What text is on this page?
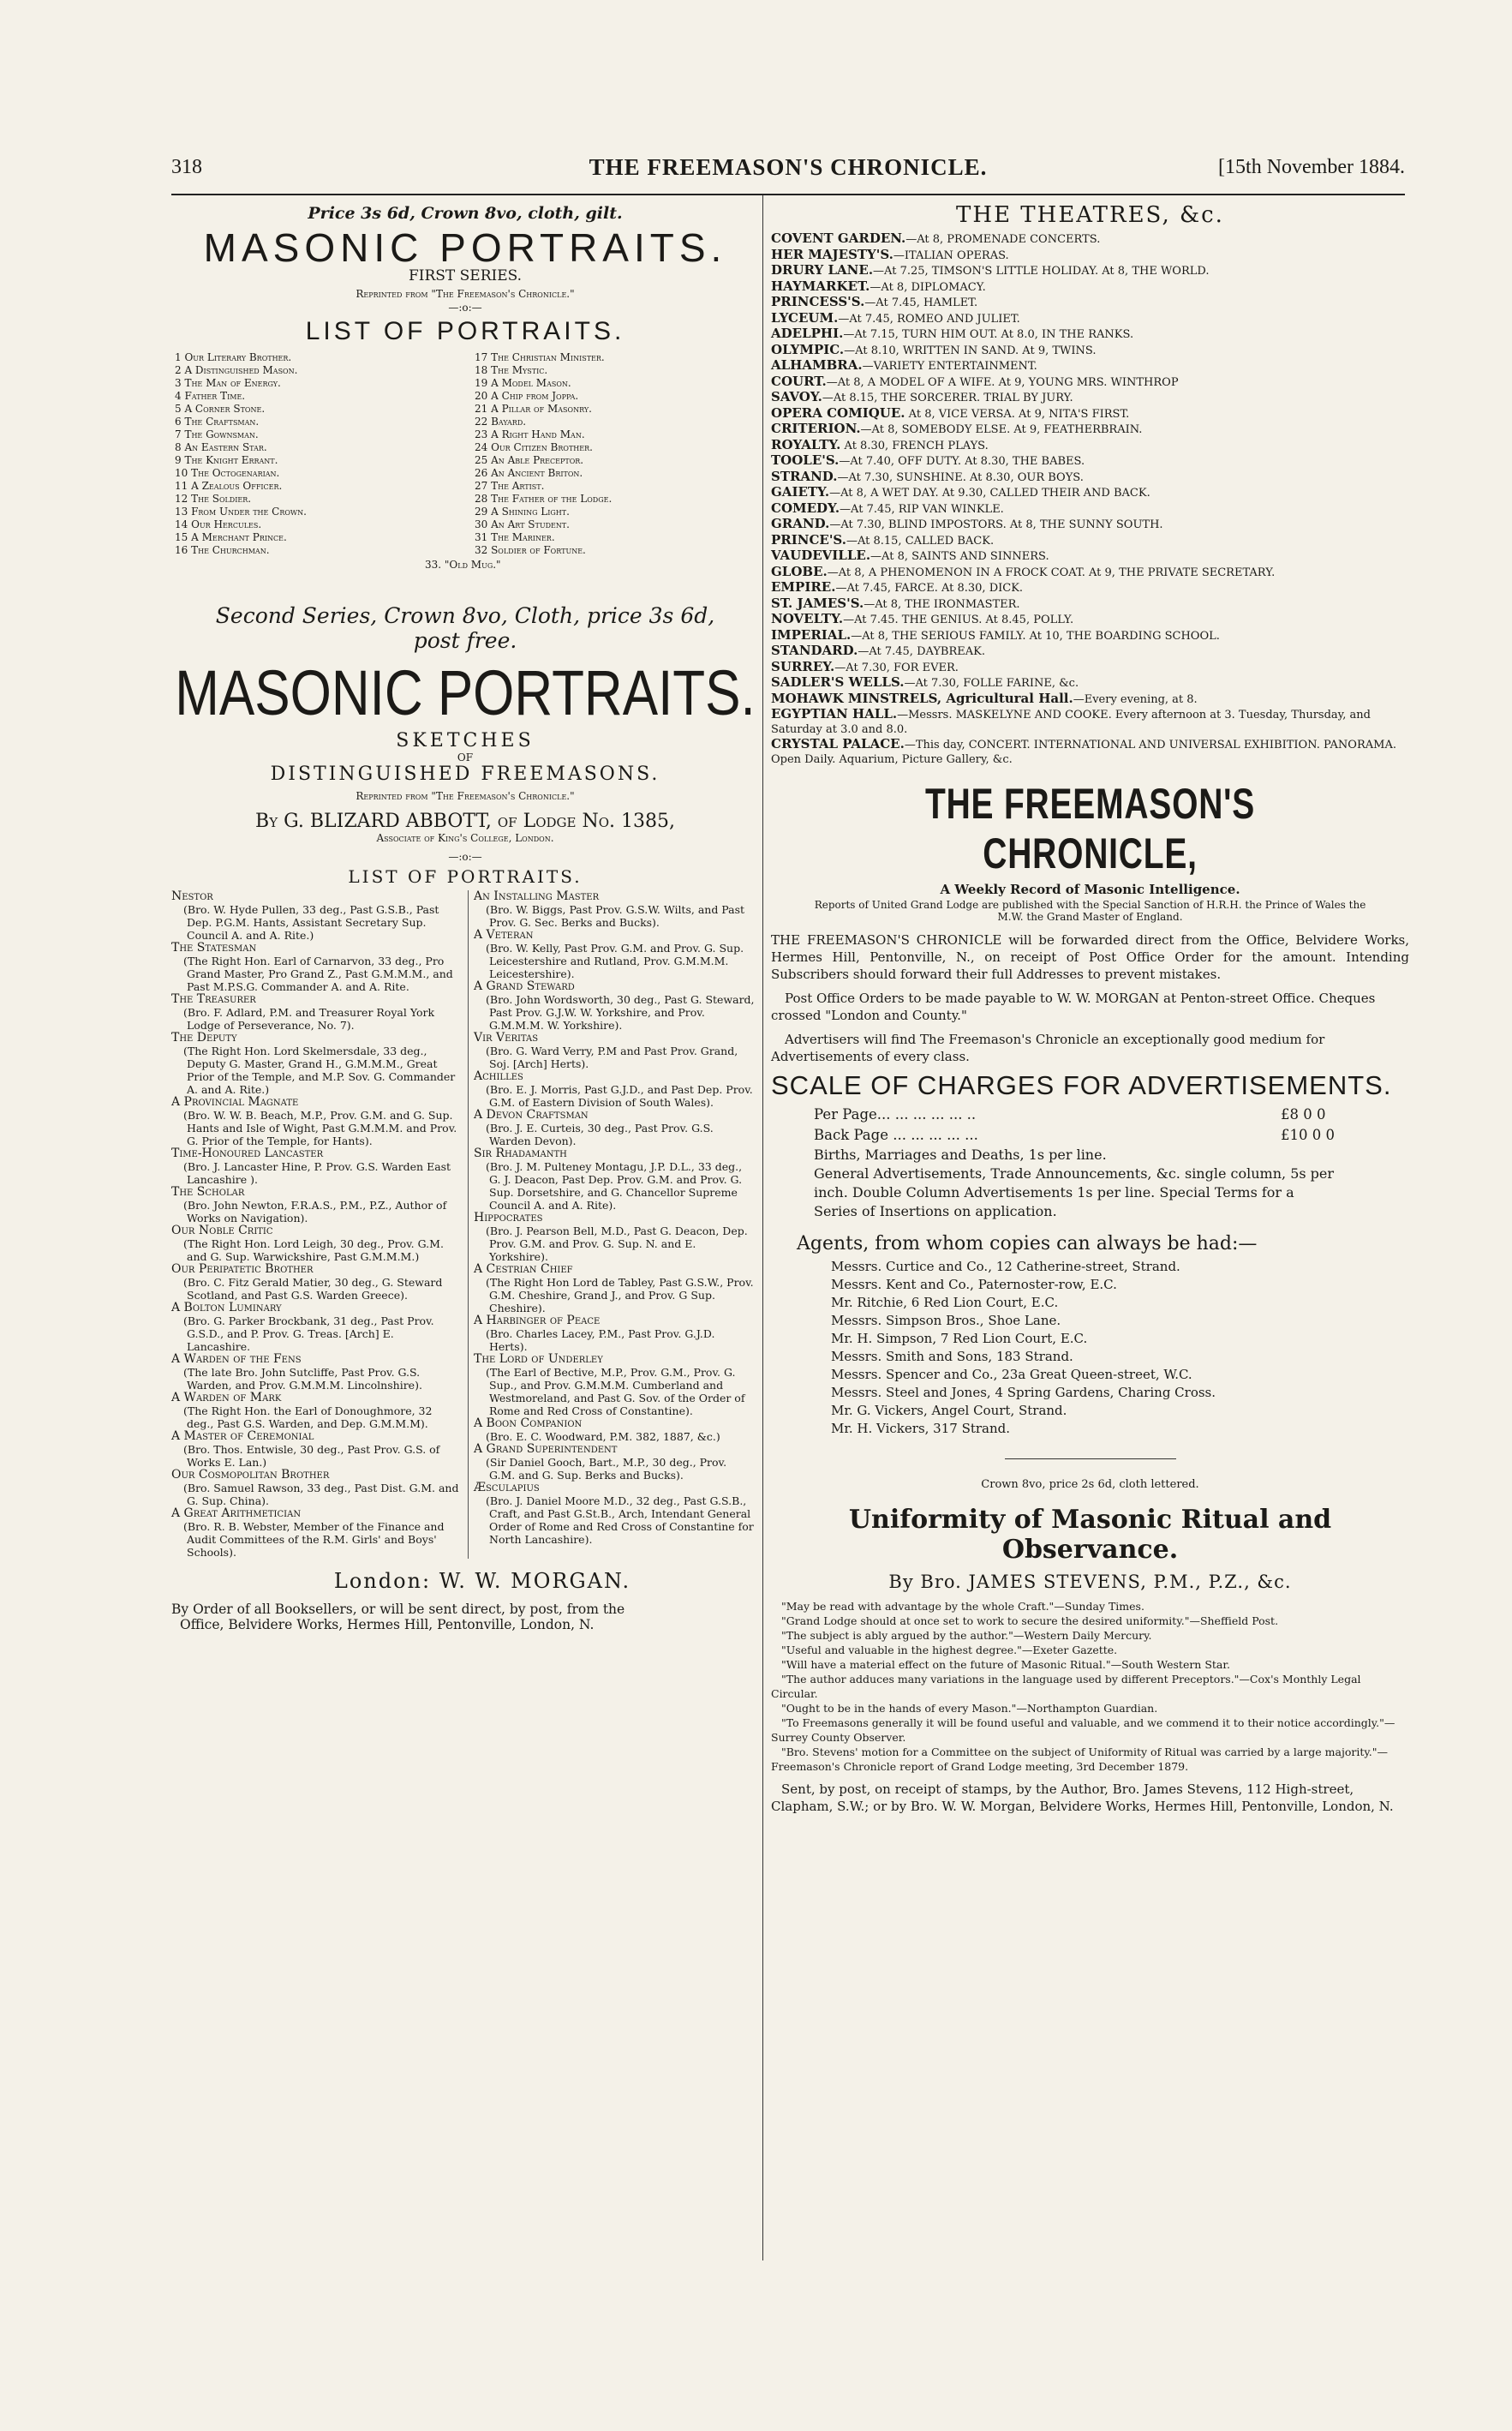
318	THE FREEMASON'S CHRONICLE.	[15th November 1884.
Price 3s 6d, Crown 8vo, cloth, gilt.
MASONIC PORTRAITS.
FIRST SERIES.
Reprinted from "The Freemason's Chronicle."
—:o:—
LIST OF PORTRAITS.
1 Our Literary Brother.
2 A Distinguished Mason.
3 The Man of Energy.
4 Father Time.
5 A Corner Stone.
6 The Craftsman.
7 The Gownsman.
8 An Eastern Star.
9 The Knight Errant.
10 The Octogenarian.
11 A Zealous Officer.
12 The Soldier.
13 From Under the Crown.
14 Our Hercules.
15 A Merchant Prince.
16 The Churchman.
17 The Christian Minister.
18 The Mystic.
19 A Model Mason.
20 A Chip from Joppa.
21 A Pillar of Masonry.
22 Bayard.
23 A Right Hand Man.
24 Our Citizen Brother.
25 An Able Preceptor.
26 An Ancient Briton.
27 The Artist.
28 The Father of the Lodge.
29 A Shining Light.
30 An Art Student.
31 The Mariner.
32 Soldier of Fortune.
33. "Old Mug."
Second Series, Crown 8vo, Cloth, price 3s 6d,
post free.
MASONIC PORTRAITS.
SKETCHES
OF
DISTINGUISHED FREEMASONS.
Reprinted from "The Freemason's Chronicle."
By G. BLIZARD ABBOTT, of Lodge No. 1385,
Associate of King's College, London.
—:o:—
LIST OF PORTRAITS.
Nestor
(Bro. W. Hyde Pullen, 33 deg., Past G.S.B., Past Dep. P.G.M. Hants, Assistant Secretary Sup. Council A. and A. Rite.)
The Statesman
(The Right Hon. Earl of Carnarvon, 33 deg., Pro Grand Master, Pro Grand Z., Past G.M.M.M., and Past M.P.S.G. Commander A. and A. Rite.
The Treasurer
(Bro. F. Adlard, P.M. and Treasurer Royal York Lodge of Perseverance, No. 7).
The Deputy
(The Right Hon. Lord Skelmersdale, 33 deg., Deputy G. Master, Grand H., G.M.M.M., Great Prior of the Temple, and M.P. Sov. G. Commander A. and A. Rite.)
A Provincial Magnate
(Bro. W. W. B. Beach, M.P., Prov. G.M. and G. Sup. Hants and Isle of Wight, Past G.M.M.M. and Prov. G. Prior of the Temple, for Hants).
Time-Honoured Lancaster
(Bro. J. Lancaster Hine, P. Prov. G.S. Warden East Lancashire ).
The Scholar
(Bro. John Newton, F.R.A.S., P.M., P.Z., Author of Works on Navigation).
Our Noble Critic
(The Right Hon. Lord Leigh, 30 deg., Prov. G.M. and G. Sup. Warwickshire, Past G.M.M.M.)
Our Peripatetic Brother
(Bro. C. Fitz Gerald Matier, 30 deg., G. Steward Scotland, and Past G.S. Warden Greece).
A Bolton Luminary
(Bro. G. Parker Brockbank, 31 deg., Past Prov. G.S.D., and P. Prov. G. Treas. [Arch] E. Lancashire.
A Warden of the Fens
(The late Bro. John Sutcliffe, Past Prov. G.S. Warden, and Prov. G.M.M.M. Lincolnshire).
A Warden of Mark
(The Right Hon. the Earl of Donoughmore, 32 deg., Past G.S. Warden, and Dep. G.M.M.M).
A Master of Ceremonial
(Bro. Thos. Entwisle, 30 deg., Past Prov. G.S. of Works E. Lan.)
Our Cosmopolitan Brother
(Bro. Samuel Rawson, 33 deg., Past Dist. G.M. and G. Sup. China).
A Great Arithmetician
(Bro. R. B. Webster, Member of the Finance and Audit Committees of the R.M. Girls' and Boys' Schools).
An Installing Master
(Bro. W. Biggs, Past Prov. G.S.W. Wilts, and Past Prov. G. Sec. Berks and Bucks).
A Veteran
(Bro. W. Kelly, Past Prov. G.M. and Prov. G. Sup. Leicestershire and Rutland, Prov. G.M.M.M. Leicestershire).
A Grand Steward
(Bro. John Wordsworth, 30 deg., Past G. Steward, Past Prov. G.J.W. W. Yorkshire, and Prov. G.M.M.M. W. Yorkshire).
Vir Veritas
(Bro. G. Ward Verry, P.M and Past Prov. Grand, Soj. [Arch] Herts).
Achilles
(Bro. E. J. Morris, Past G.J.D., and Past Dep. Prov. G.M. of Eastern Division of South Wales).
A Devon Craftsman
(Bro. J. E. Curteis, 30 deg., Past Prov. G.S. Warden Devon).
Sir Rhadamanth
(Bro. J. M. Pulteney Montagu, J.P. D.L., 33 deg., G. J. Deacon, Past Dep. Prov. G.M. and Prov. G. Sup. Dorsetshire, and G. Chancellor Supreme Council A. and A. Rite).
Hippocrates
(Bro. J. Pearson Bell, M.D., Past G. Deacon, Dep. Prov. G.M. and Prov. G. Sup. N. and E. Yorkshire).
A Cestrian Chief
(The Right Hon Lord de Tabley, Past G.S.W., Prov. G.M. Cheshire, Grand J., and Prov. G Sup. Cheshire).
A Harbinger of Peace
(Bro. Charles Lacey, P.M., Past Prov. G.J.D. Herts).
The Lord of Underley
(The Earl of Bective, M.P., Prov. G.M., Prov. G. Sup., and Prov. G.M.M.M. Cumberland and Westmoreland, and Past G. Sov. of the Order of Rome and Red Cross of Constantine).
A Boon Companion
(Bro. E. C. Woodward, P.M. 382, 1887, &c.)
A Grand Superintendent
(Sir Daniel Gooch, Bart., M.P., 30 deg., Prov. G.M. and G. Sup. Berks and Bucks).
Æsculapius
(Bro. J. Daniel Moore M.D., 32 deg., Past G.S.B., Craft, and Past G.St.B., Arch, Intendant General Order of Rome and Red Cross of Constantine for North Lancashire).
London: W. W. MORGAN.
By Order of all Booksellers, or will be sent direct, by post, from the
Office, Belvidere Works, Hermes Hill, Pentonville, London, N.
THE THEATRES, &c.
COVENT GARDEN.—At 8, PROMENADE CONCERTS.
HER MAJESTY'S.—ITALIAN OPERAS.
DRURY LANE.—At 7.25, TIMSON'S LITTLE HOLIDAY. At 8, THE WORLD.
HAYMARKET.—At 8, DIPLOMACY.
PRINCESS'S.—At 7.45, HAMLET.
LYCEUM.—At 7.45, ROMEO AND JULIET.
ADELPHI.—At 7.15, TURN HIM OUT. At 8.0, IN THE RANKS.
OLYMPIC.—At 8.10, WRITTEN IN SAND. At 9, TWINS.
ALHAMBRA.—VARIETY ENTERTAINMENT.
COURT.—At 8, A MODEL OF A WIFE. At 9, YOUNG MRS. WINTHROP
SAVOY.—At 8.15, THE SORCERER. TRIAL BY JURY.
OPERA COMIQUE. At 8, VICE VERSA. At 9, NITA'S FIRST.
CRITERION.—At 8, SOMEBODY ELSE. At 9, FEATHERBRAIN.
ROYALTY. At 8.30, FRENCH PLAYS.
TOOLE'S.—At 7.40, OFF DUTY. At 8.30, THE BABES.
STRAND.—At 7.30, SUNSHINE. At 8.30, OUR BOYS.
GAIETY.—At 8, A WET DAY. At 9.30, CALLED THEIR AND BACK.
COMEDY.—At 7.45, RIP VAN WINKLE.
GRAND.—At 7.30, BLIND IMPOSTORS. At 8, THE SUNNY SOUTH.
PRINCE'S.—At 8.15, CALLED BACK.
VAUDEVILLE.—At 8, SAINTS AND SINNERS.
GLOBE.—At 8, A PHENOMENON IN A FROCK COAT. At 9, THE PRIVATE SECRETARY.
EMPIRE.—At 7.45, FARCE. At 8.30, DICK.
ST. JAMES'S.—At 8, THE IRONMASTER.
NOVELTY.—At 7.45. THE GENIUS. At 8.45, POLLY.
IMPERIAL.—At 8, THE SERIOUS FAMILY. At 10, THE BOARDING SCHOOL.
STANDARD.—At 7.45, DAYBREAK.
SURREY.—At 7.30, FOR EVER.
SADLER'S WELLS.—At 7.30, FOLLE FARINE, &c.
MOHAWK MINSTRELS, Agricultural Hall.—Every evening, at 8.
EGYPTIAN HALL.—Messrs. MASKELYNE AND COOKE. Every afternoon at 3. Tuesday, Thursday, and Saturday at 3.0 and 8.0.
CRYSTAL PALACE.—This day, CONCERT. INTERNATIONAL AND UNIVERSAL EXHIBITION. PANORAMA. Open Daily. Aquarium, Picture Gallery, &c.
THE FREEMASON'S CHRONICLE,
A Weekly Record of Masonic Intelligence.
Reports of United Grand Lodge are published with the Special Sanction of H.R.H. the Prince of Wales the M.W. the Grand Master of England.
THE FREEMASON'S CHRONICLE will be forwarded direct from the Office, Belvidere Works, Hermes Hill, Pentonville, N., on receipt of Post Office Order for the amount. Intending Subscribers should forward their full Addresses to prevent mistakes.
Post Office Orders to be made payable to W. W. MORGAN at Penton-street Office. Cheques crossed "London and County."
Advertisers will find The Freemason's Chronicle an exceptionally good medium for Advertisements of every class.
SCALE OF CHARGES FOR ADVERTISEMENTS.
Per Page... ... ... ... ... ..	£8 0 0
Back Page ... ... ... ... ...	£10 0 0
Births, Marriages and Deaths, 1s per line.
General Advertisements, Trade Announcements, &c. single column, 5s per inch. Double Column Advertisements 1s per line. Special Terms for a Series of Insertions on application.
Agents, from whom copies can always be had:—
Messrs. Curtice and Co., 12 Catherine-street, Strand.
Messrs. Kent and Co., Paternoster-row, E.C.
Mr. Ritchie, 6 Red Lion Court, E.C.
Messrs. Simpson Bros., Shoe Lane.
Mr. H. Simpson, 7 Red Lion Court, E.C.
Messrs. Smith and Sons, 183 Strand.
Messrs. Spencer and Co., 23a Great Queen-street, W.C.
Messrs. Steel and Jones, 4 Spring Gardens, Charing Cross.
Mr. G. Vickers, Angel Court, Strand.
Mr. H. Vickers, 317 Strand.
Crown 8vo, price 2s 6d, cloth lettered.
Uniformity of Masonic Ritual and Observance.
By Bro. JAMES STEVENS, P.M., P.Z., &c.
"May be read with advantage by the whole Craft."—Sunday Times.
"Grand Lodge should at once set to work to secure the desired uniformity."—Sheffield Post.
"The subject is ably argued by the author."—Western Daily Mercury.
"Useful and valuable in the highest degree."—Exeter Gazette.
"Will have a material effect on the future of Masonic Ritual."—South Western Star.
"The author adduces many variations in the language used by different Preceptors."—Cox's Monthly Legal Circular.
"Ought to be in the hands of every Mason."—Northampton Guardian.
"To Freemasons generally it will be found useful and valuable, and we commend it to their notice accordingly."—Surrey County Observer.
"Bro. Stevens' motion for a Committee on the subject of Uniformity of Ritual was carried by a large majority."—Freemason's Chronicle report of Grand Lodge meeting, 3rd December 1879.
Sent, by post, on receipt of stamps, by the Author, Bro. James Stevens, 112 High-street, Clapham, S.W.; or by Bro. W. W. Morgan, Belvidere Works, Hermes Hill, Pentonville, London, N.
